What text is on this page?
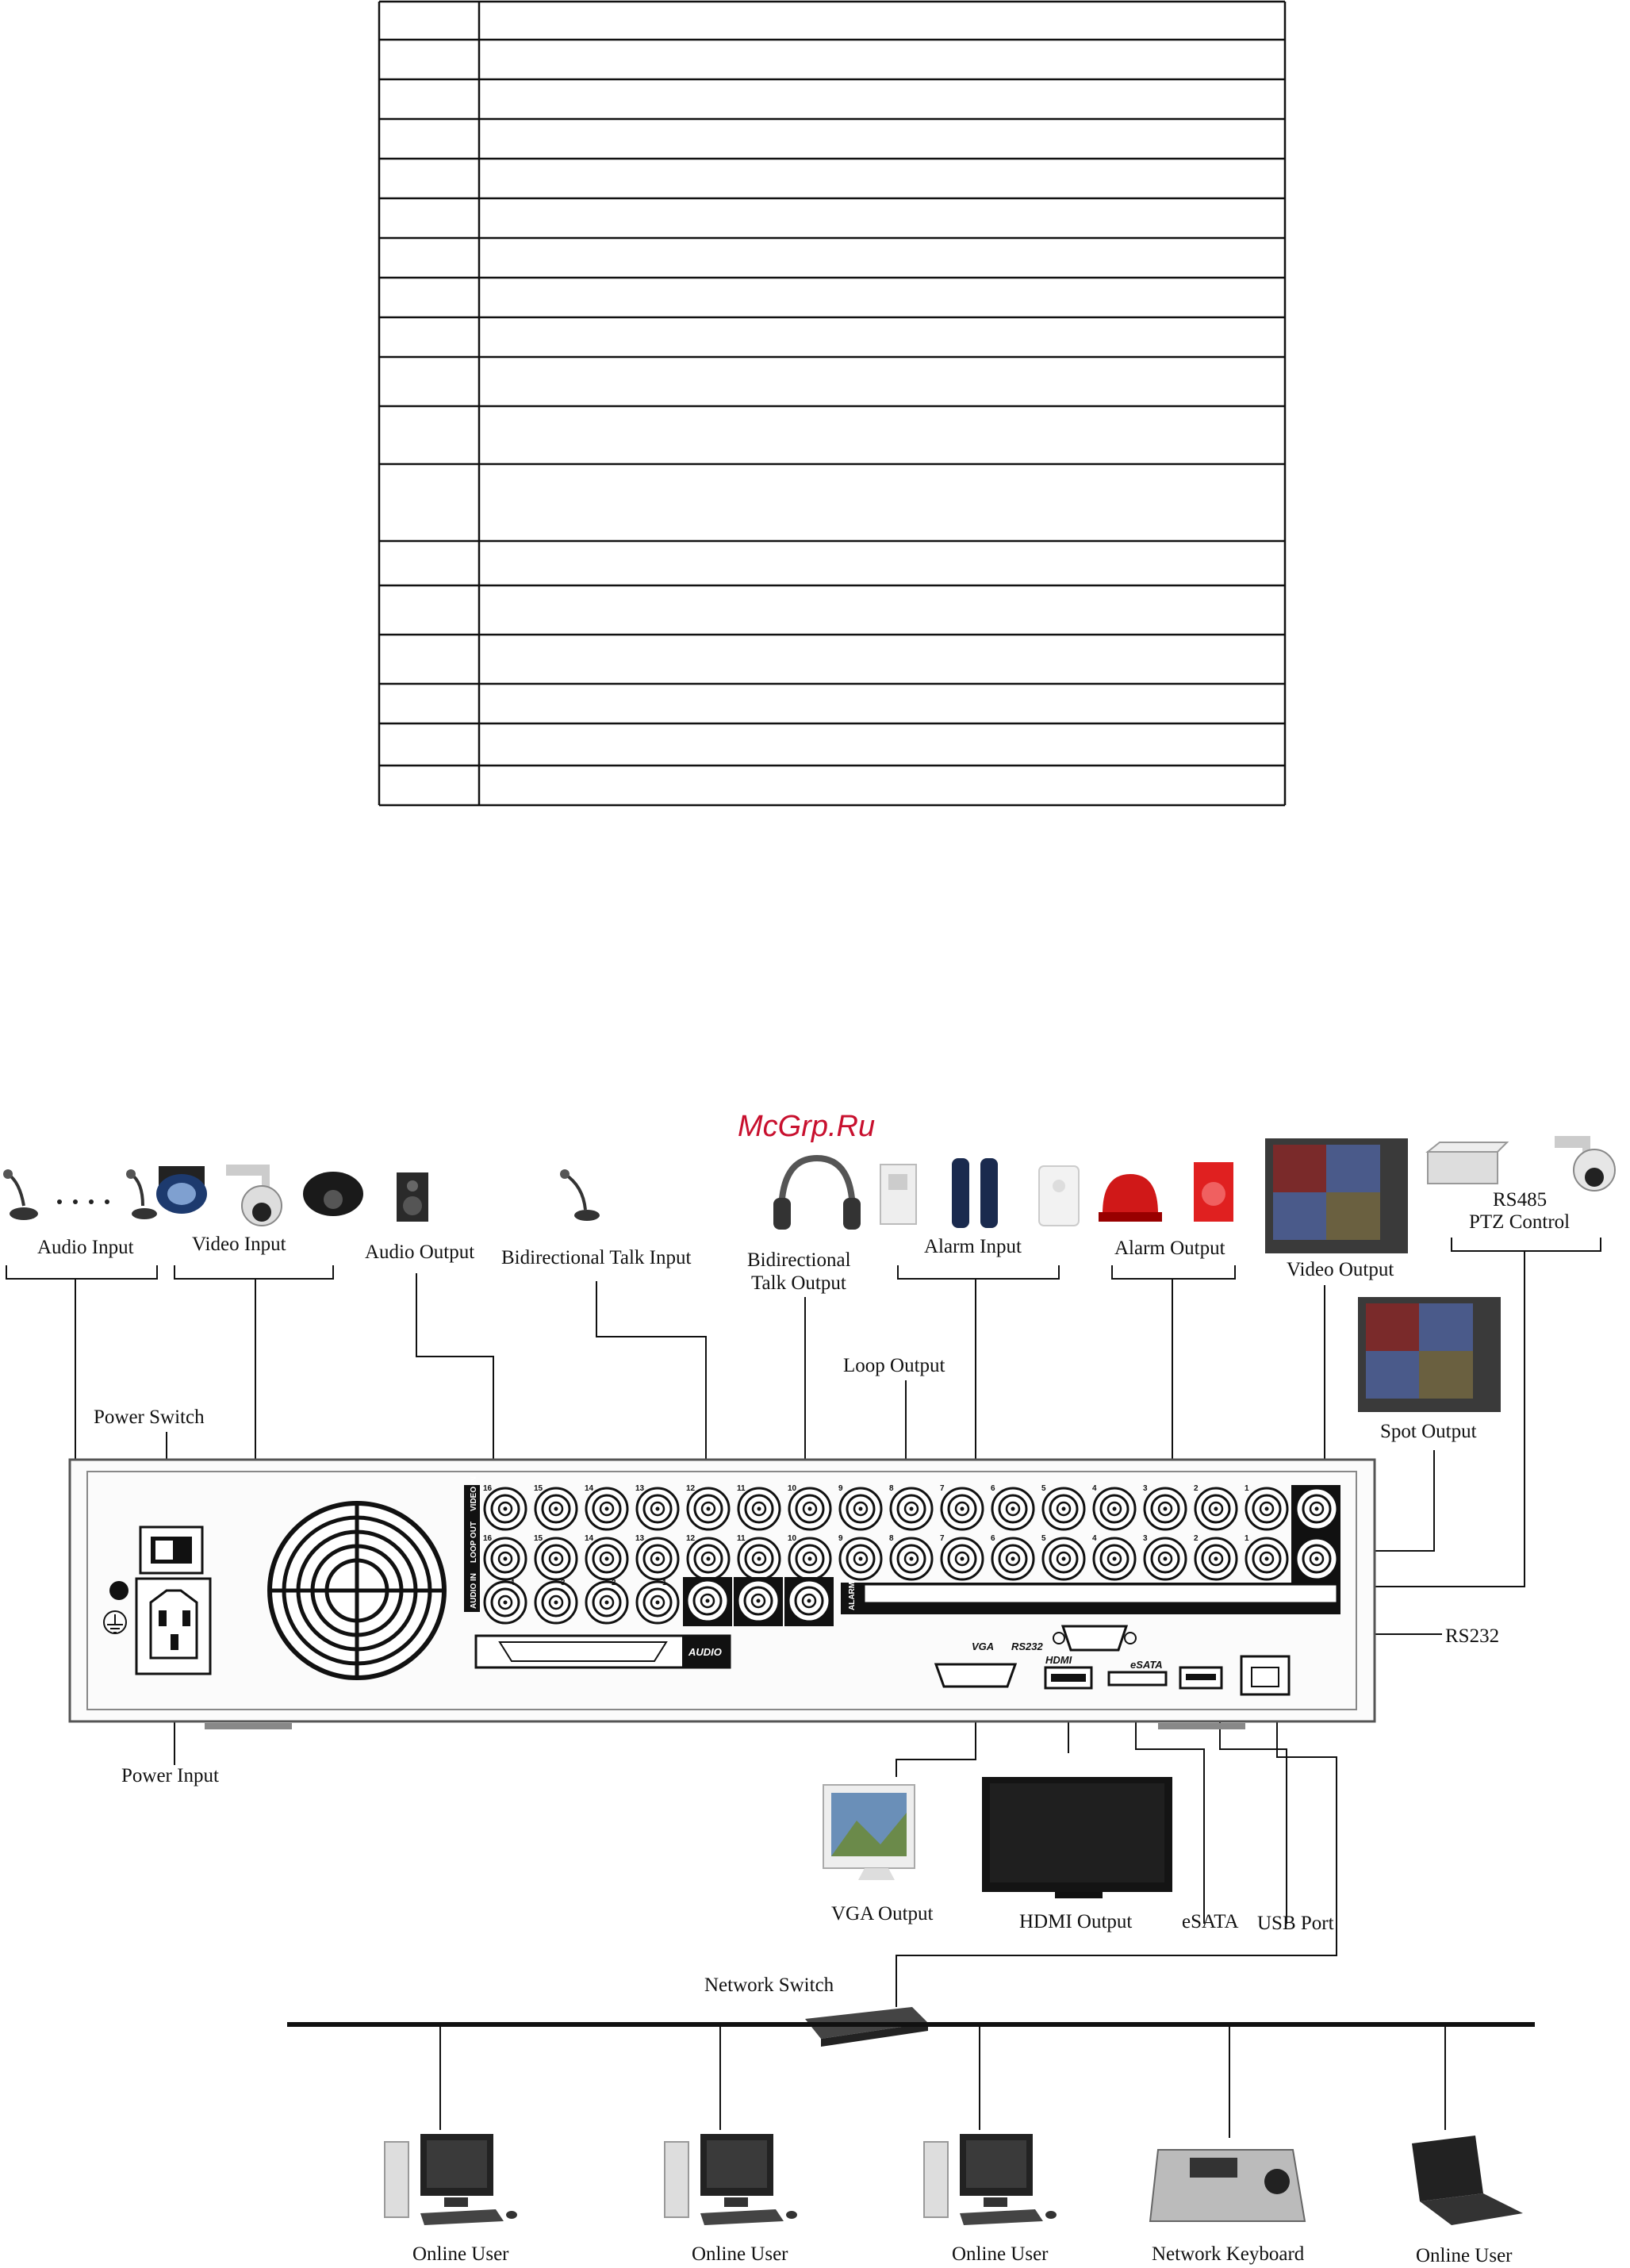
McGrp.Ru
Audio Input	Video Input	Audio Output Bidirectional Talk Input	Bidirectional
Talk Output
Alarm Input	Alarm Output
Video Output
RS485
PTZ Control
Loop Output
Spot Output
Power Switch
Power Input
RS232
AUDIO
16
16
15
15
14
14
13
13
12
12
11
11
10
10
9
9
8
8
7
7
6
6
5
5
4
4
3
3
2
2
1
1
4	3	2	1
VIDEO IN
LOOP OUT
AUDIO IN	ALARM
VGA RS232
HDMI	eSATA
VGA Output	HDMI Output	eSATA USB Port
Network Switch
Online User	Online User	Online User	Network Keyboard	Online User
